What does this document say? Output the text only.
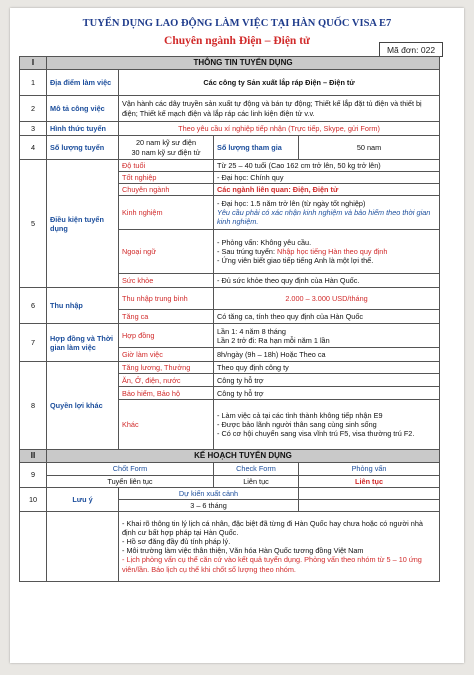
TUYỂN DỤNG LAO ĐỘNG LÀM VIỆC TẠI HÀN QUỐC VISA E7
Chuyên ngành Điện – Điện tử
Mã đơn: 022
I	THÔNG TIN TUYỂN DỤNG			
1	Địa điểm làm việc	Các công ty Sản xuất lắp ráp Điện – Điện tử		
2	Mô tả công việc	Vận hành các dây truyền sản xuất tự động và bán tự động; Thiết kế lắp đặt tủ điện và thiết bị điện; Thiết kế mạch điện và lắp ráp các linh kiện điện tử v.v.		
3	Hình thức tuyển	Theo yêu cầu xí nghiệp tiếp nhận (Trực tiếp, Skype, gửi Form)		
4	Số lượng tuyển	20 nam kỹ sư điện

30 nam kỹ sư điện tử	Số lượng tham gia	50 nam
5	Điều kiện tuyển dụng	Độ tuổi	Từ 25 – 40 tuổi (Cao 162 cm trở lên, 50 kg trở lên)	
		Tốt nghiệp	- Đại học: Chính quy	
		Chuyên ngành	Các ngành liên quan: Điện, Điện tử	
		Kinh nghiệm	- Đại học: 1.5 năm trở lên (từ ngày tốt nghiệp)

Yêu cầu phải có xác nhận kinh nghiệm và bảo hiểm theo thời gian kinh nghiệm.	

		Ngoại ngữ	- Phỏng vấn: Không yêu cầu.

- Sau trúng tuyển: Nhập học tiếng Hàn theo quy định

- Ứng viên biết giao tiếp tiếng Anh là một lợi thế.	

		Sức khỏe	- Đủ sức khỏe theo quy định của Hàn Quốc.	
6	Thu nhập	Thu nhập trung bình	2.000 – 3.000 USD/tháng	
		Tăng ca	Có tăng ca, tính theo quy định của Hàn Quốc	
7	Hợp đồng và Thời gian làm việc	Hợp đồng	Lần 1: 4 năm 8 tháng

Lần 2 trở đi: Ra hạn mỗi năm 1 lần	

		Giờ làm việc	8h/ngày (9h – 18h) Hoặc Theo ca	
8	Quyền lợi khác	Tăng lương, Thưởng	Theo quy định công ty	
		Ăn, Ở, điện, nước	Công ty hỗ trợ	
		Bảo hiểm, Bảo hộ	Công ty hỗ trợ	
		Khác	- Làm việc cả tại các tỉnh thành không tiếp nhận E9

- Được bảo lãnh người thân sang cùng sinh sống

- Có cơ hội chuyển sang visa vĩnh trú F5, visa thường trú F2.	

II	KẾ HOẠCH TUYỂN DỤNG			
9	Chốt Form		Check Form	Phỏng vấn
	Tuyển liên tục		Liên tục	Liên tục
10	Lưu ý	Dự kiến xuất cảnh		
		3 – 6 tháng		

		- Khai rõ thông tin lý lịch cá nhân, đặc biệt đã từng đi Hàn Quốc hay chưa hoặc có người nhà định cư bất hợp pháp tại Hàn Quốc.

- Hồ sơ đăng đầy đủ tính pháp lý.

- Môi trường làm việc thân thiện, Văn hóa Hàn Quốc tương đồng Việt Nam

- Lịch phỏng vấn cụ thể căn cứ vào kết quả tuyển dụng. Phỏng vấn theo nhóm từ 5 – 10 ứng viên/lần. Báo lịch cụ thể khi chốt số lượng theo nhóm.		
